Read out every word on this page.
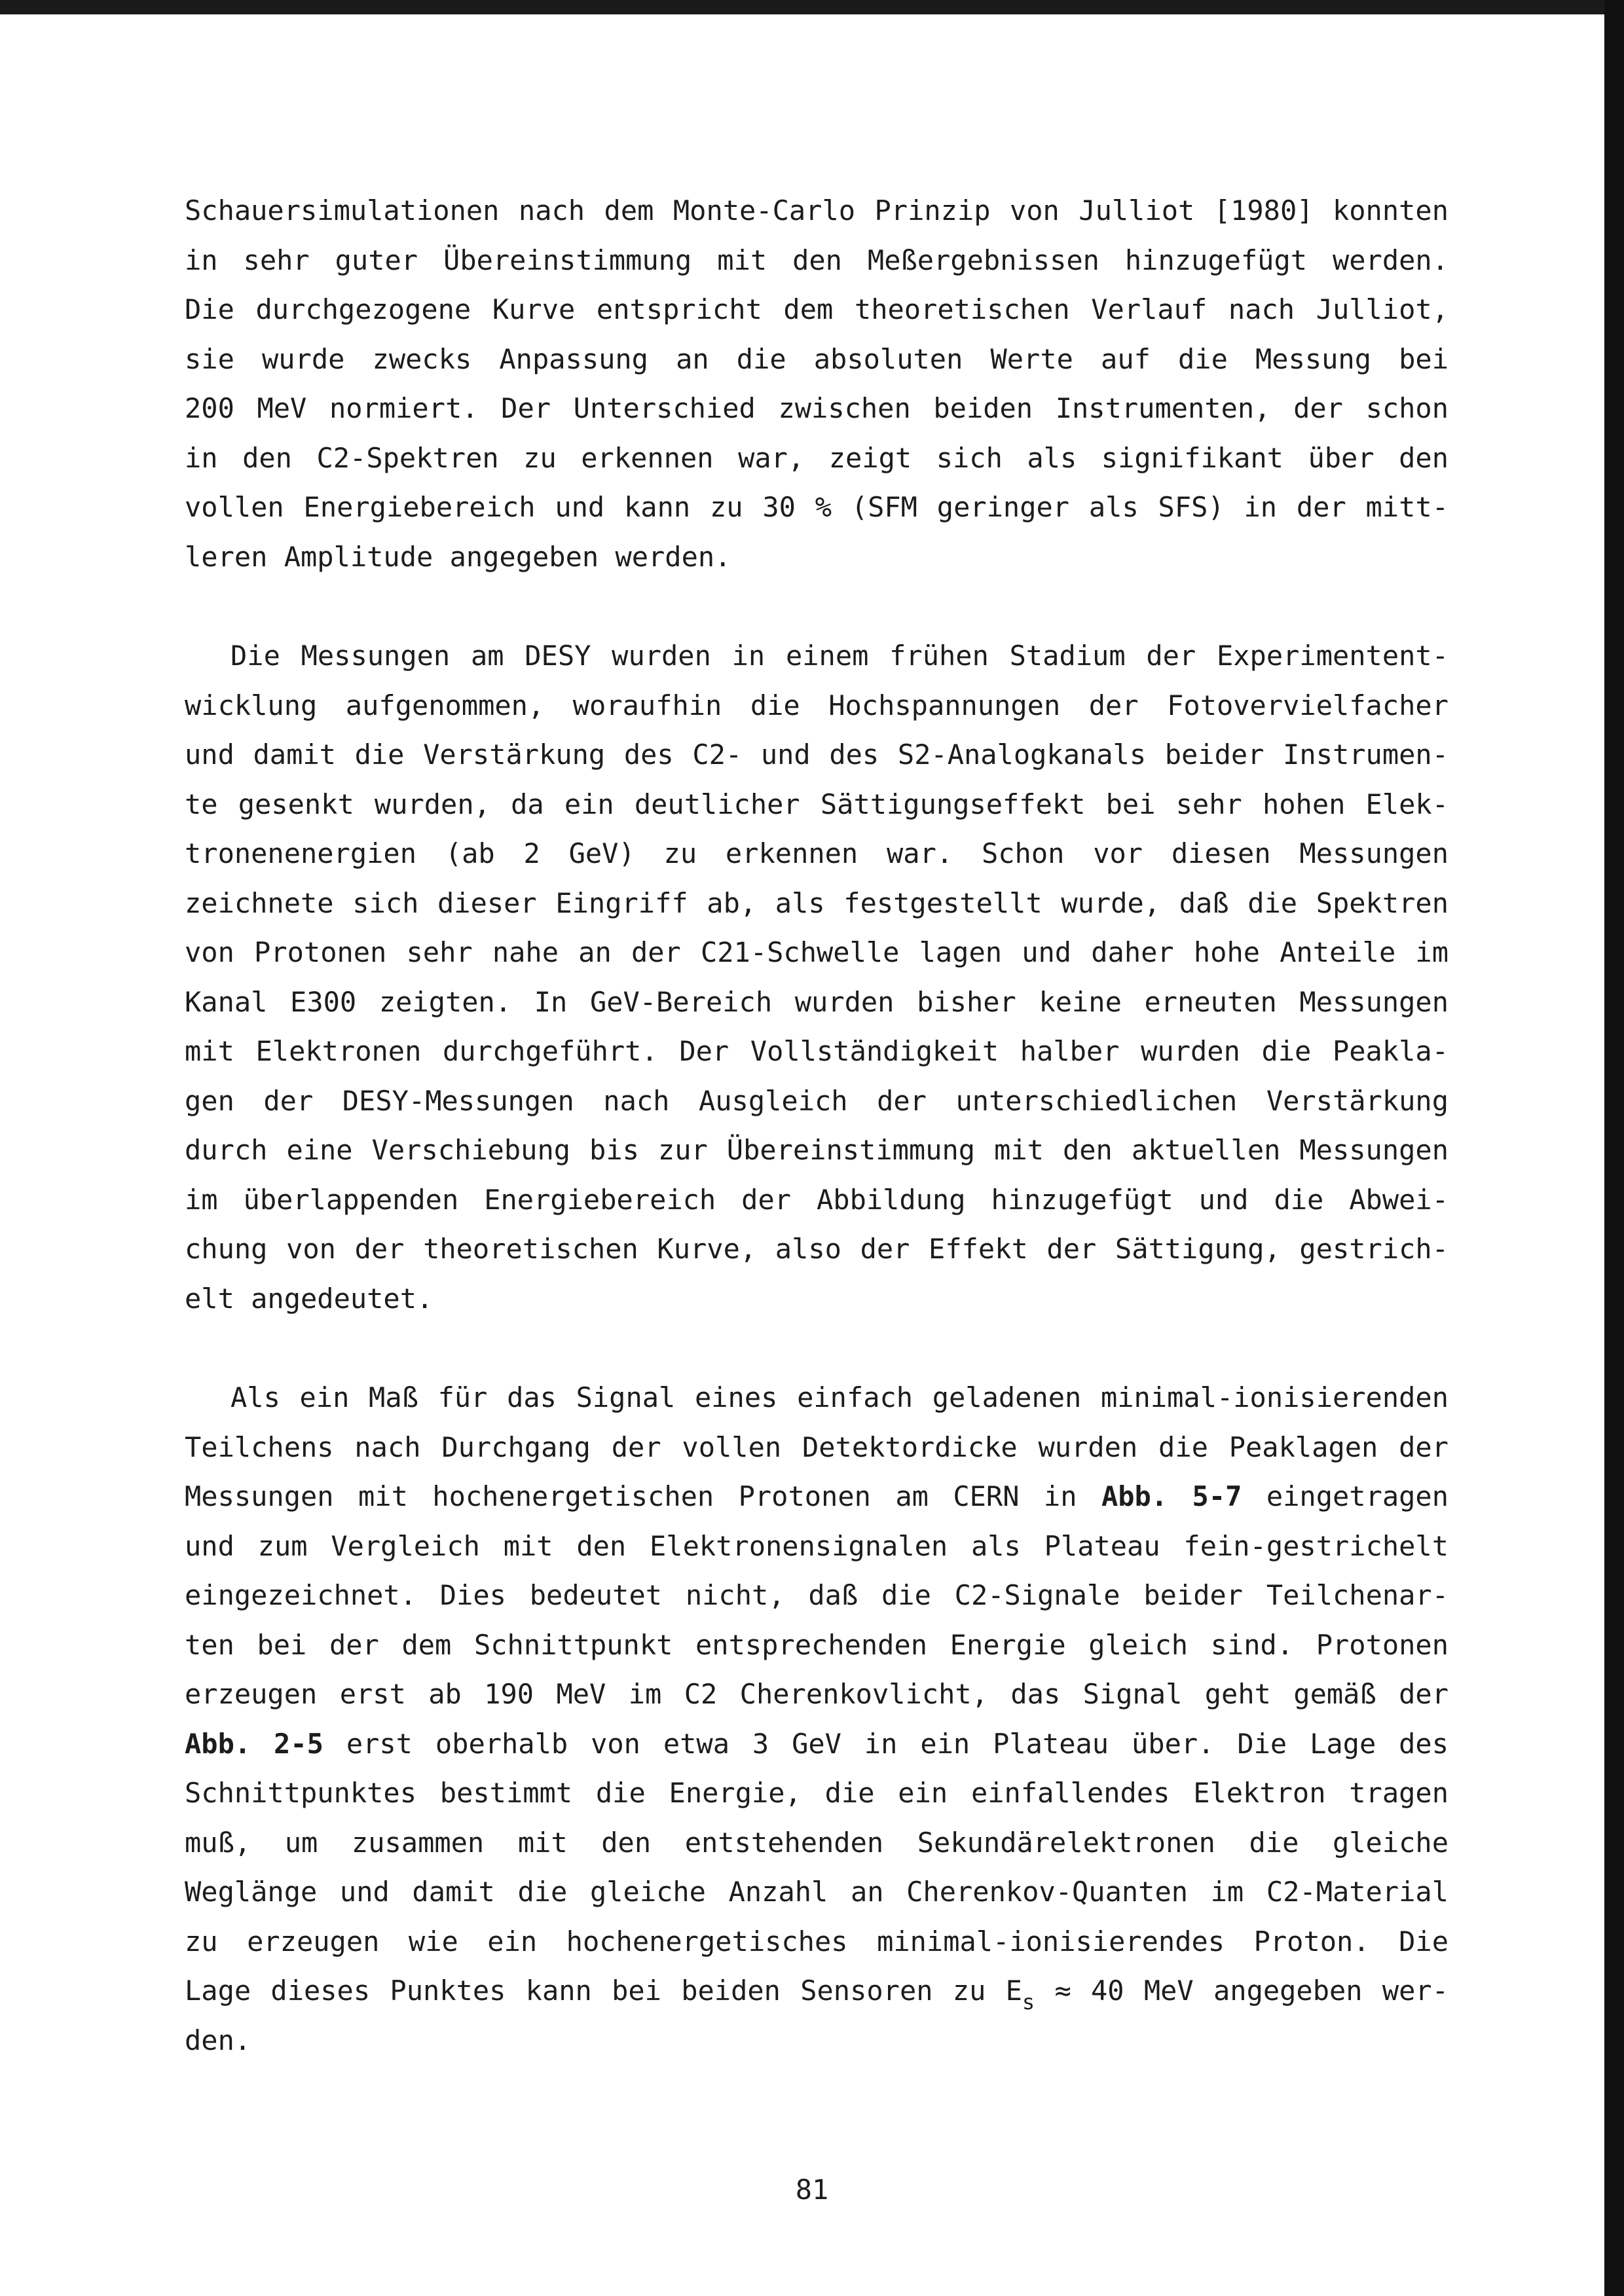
Schauersimulationen nach dem Monte-Carlo Prinzip von Julliot [1980] konnten
in sehr guter Übereinstimmung mit den Meßergebnissen hinzugefügt werden.
Die durchgezogene Kurve entspricht dem theoretischen Verlauf nach Julliot,
sie wurde zwecks Anpassung an die absoluten Werte auf die Messung bei
200 MeV normiert. Der Unterschied zwischen beiden Instrumenten, der schon
in den C2-Spektren zu erkennen war, zeigt sich als signifikant über den
vollen Energiebereich und kann zu 30 % (SFM geringer als SFS) in der mitt-
leren Amplitude angegeben werden.
Die Messungen am DESY wurden in einem frühen Stadium der Experimentent-
wicklung aufgenommen, woraufhin die Hochspannungen der Fotovervielfacher
und damit die Verstärkung des C2- und des S2-Analogkanals beider Instrumen-
te gesenkt wurden, da ein deutlicher Sättigungseffekt bei sehr hohen Elek-
tronenenergien (ab 2 GeV) zu erkennen war. Schon vor diesen Messungen
zeichnete sich dieser Eingriff ab, als festgestellt wurde, daß die Spektren
von Protonen sehr nahe an der C21-Schwelle lagen und daher hohe Anteile im
Kanal E300 zeigten. In GeV-Bereich wurden bisher keine erneuten Messungen
mit Elektronen durchgeführt. Der Vollständigkeit halber wurden die Peakla-
gen der DESY-Messungen nach Ausgleich der unterschiedlichen Verstärkung
durch eine Verschiebung bis zur Übereinstimmung mit den aktuellen Messungen
im überlappenden Energiebereich der Abbildung hinzugefügt und die Abwei-
chung von der theoretischen Kurve, also der Effekt der Sättigung, gestrich-
elt angedeutet.
Als ein Maß für das Signal eines einfach geladenen minimal-ionisierenden
Teilchens nach Durchgang der vollen Detektordicke wurden die Peaklagen der
Messungen mit hochenergetischen Protonen am CERN in Abb. 5-7 eingetragen
und zum Vergleich mit den Elektronensignalen als Plateau fein-gestrichelt
eingezeichnet. Dies bedeutet nicht, daß die C2-Signale beider Teilchenar-
ten bei der dem Schnittpunkt entsprechenden Energie gleich sind. Protonen
erzeugen erst ab 190 MeV im C2 Cherenkovlicht, das Signal geht gemäß der
Abb. 2-5 erst oberhalb von etwa 3 GeV in ein Plateau über. Die Lage des
Schnittpunktes bestimmt die Energie, die ein einfallendes Elektron tragen
muß, um zusammen mit den entstehenden Sekundärelektronen die gleiche
Weglänge und damit die gleiche Anzahl an Cherenkov-Quanten im C2-Material
zu erzeugen wie ein hochenergetisches minimal-ionisierendes Proton. Die
Lage dieses Punktes kann bei beiden Sensoren zu $E_s \approx 40$ MeV angegeben wer-
den.
81
